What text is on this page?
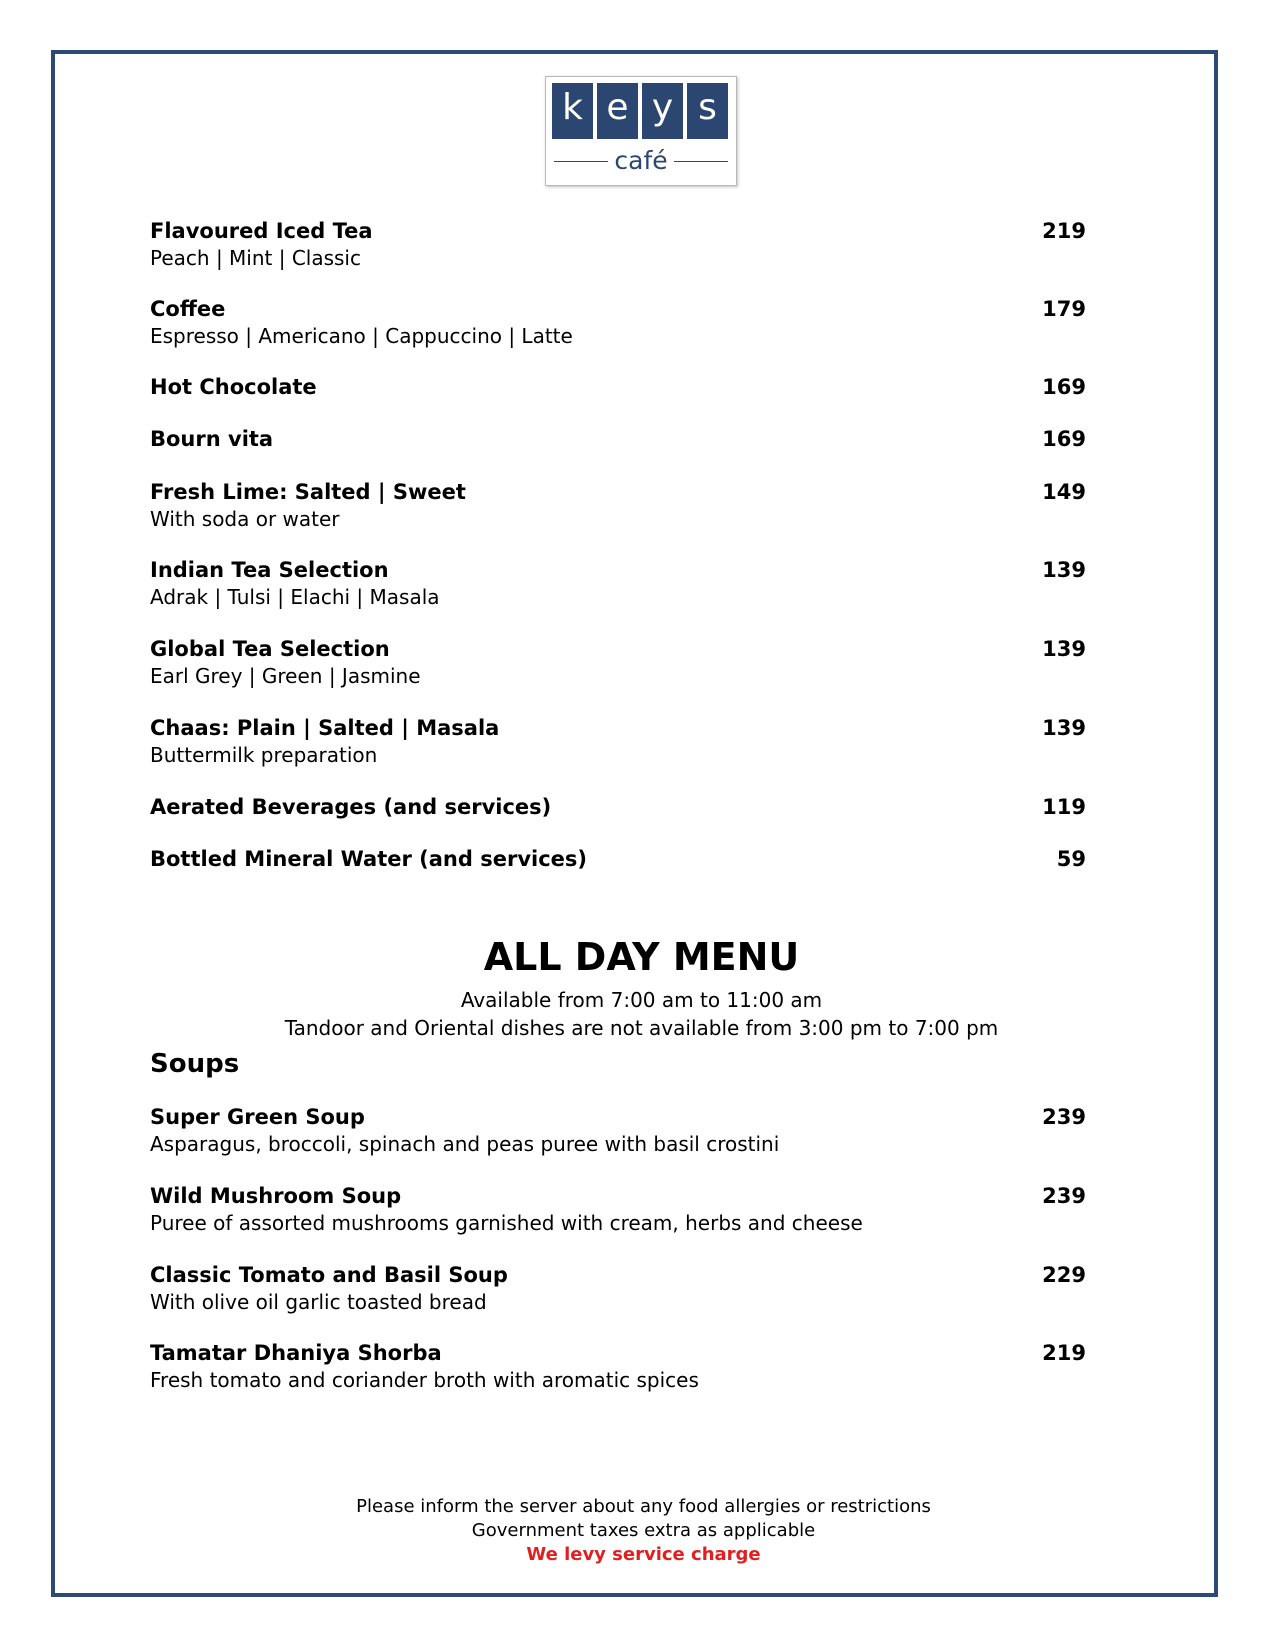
k e y s
café
Flavoured Iced Tea	219
Peach | Mint | Classic
Coffee	179
Espresso | Americano | Cappuccino | Latte
Hot Chocolate	169
Bourn vita	169
Fresh Lime: Salted | Sweet	149
With soda or water
Indian Tea Selection	139
Adrak | Tulsi | Elachi | Masala
Global Tea Selection	139
Earl Grey | Green | Jasmine
Chaas: Plain | Salted | Masala	139
Buttermilk preparation
Aerated Beverages (and services)	119
Bottled Mineral Water (and services)	59
ALL DAY MENU
Available from 7:00 am to 11:00 am
Tandoor and Oriental dishes are not available from 3:00 pm to 7:00 pm
Soups
Super Green Soup	239
Asparagus, broccoli, spinach and peas puree with basil crostini
Wild Mushroom Soup	239
Puree of assorted mushrooms garnished with cream, herbs and cheese
Classic Tomato and Basil Soup	229
With olive oil garlic toasted bread
Tamatar Dhaniya Shorba	219
Fresh tomato and coriander broth with aromatic spices
Please inform the server about any food allergies or restrictions
Government taxes extra as applicable
We levy service charge
